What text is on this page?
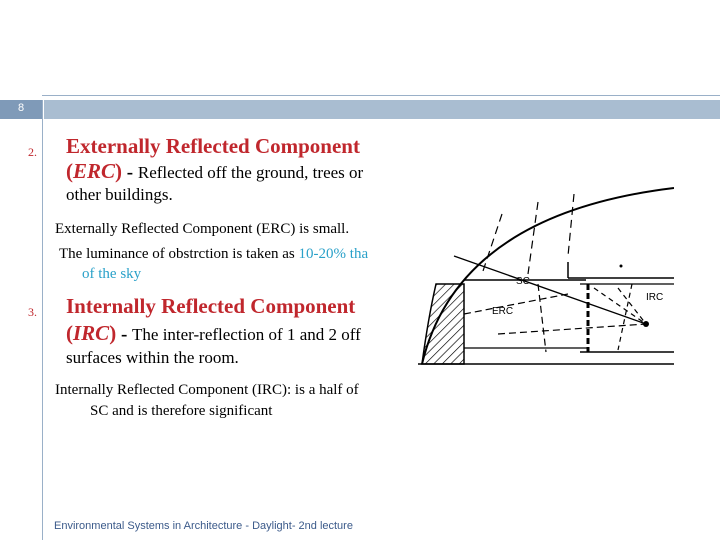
8
2. Externally Reflected Component
(ERC) - Reflected off the ground, trees or
other buildings.
Externally Reflected Component (ERC) is small.
The luminance of obstrction is taken as 10-20% tha
of the sky
3. Internally Reflected Component
(IRC) - The inter-reflection of 1 and 2 off
surfaces within the room.
Internally Reflected Component (IRC): is a half of
SC and is therefore significant
SC
ERC
IRC
Environmental Systems in Architecture - Daylight- 2nd lecture
